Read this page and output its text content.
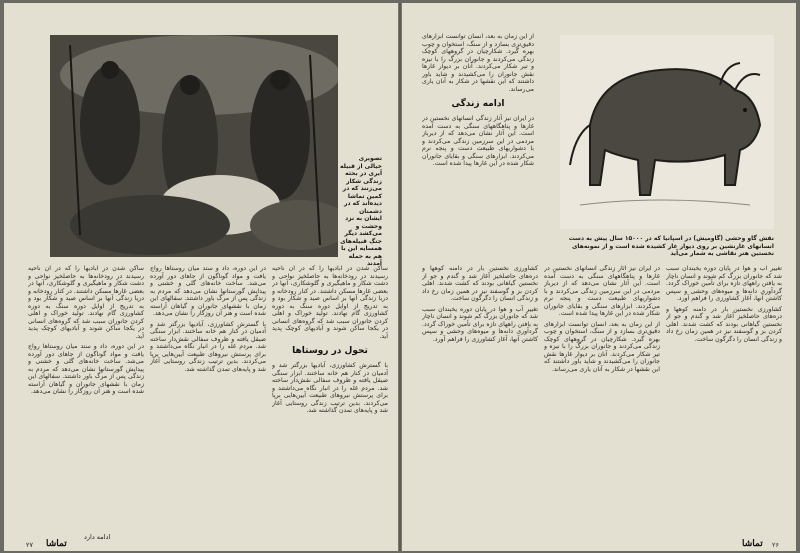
تصویری خیالی از قبیله آیری در بحثه زندگی شکار می‌زنند که در کمین تماشا دیده‌اند که در دشمنان ایشان به نزد وحشت و می‌کشد دیگر جنگ قبیله‌های همسایه این با هم به حمله آمدند

ساکن شدن در آبادیها را که در آن ناحیه رسیدند در رودخانه‌ها به حاصلخیز نواحی و دشت شکار و ماهیگیری و گلوشکاری، آنها در بعضی غارها مسکن داشتند. در کنار رودخانه و دریا زندگی آنها بر اساس صید و شکار بود و به تدریج از اوایل دوره سنگ به دوره کشاورزی گام نهادند. تولید خوراک و اهلی کردن جانوران سبب شد که گروه‌های انسانی در یکجا ساکن شوند و آبادیهای کوچک پدید آید.

تحول در روستاها

با گسترش کشاورزی، آبادیها بزرگتر شد و آدمیان در کنار هم خانه ساختند. ابزار سنگی صیقل یافته و ظروف سفالی نقش‌دار ساخته شد. مردم غله را در انبار نگاه می‌داشتند و برای پرستش نیروهای طبیعت آیین‌هایی برپا می‌کردند. بدین ترتیب زندگی روستایی آغاز شد و پایه‌های تمدن گذاشته شد.

در این دوره، داد و ستد میان روستاها رواج یافت و مواد گوناگون از جاهای دور آورده می‌شد. ساخت خانه‌های گلی و خشتی و پیدایش گورستانها نشان می‌دهد که مردم به زندگی پس از مرگ باور داشتند. سفالهای این زمان با نقشهای جانوران و گیاهان آراسته شده است و هنر آن روزگار را نشان می‌دهد.

با گسترش کشاورزی، آبادیها بزرگتر شد و آدمیان در کنار هم خانه ساختند. ابزار سنگی صیقل یافته و ظروف سفالی نقش‌دار ساخته شد. مردم غله را در انبار نگاه می‌داشتند و برای پرستش نیروهای طبیعت آیین‌هایی برپا می‌کردند. بدین ترتیب زندگی روستایی آغاز شد و پایه‌های تمدن گذاشته شد.

ساکن شدن در آبادیها را که در آن ناحیه رسیدند در رودخانه‌ها به حاصلخیز نواحی و دشت شکار و ماهیگیری و گلوشکاری، آنها در بعضی غارها مسکن داشتند. در کنار رودخانه و دریا زندگی آنها بر اساس صید و شکار بود و به تدریج از اوایل دوره سنگ به دوره کشاورزی گام نهادند. تولید خوراک و اهلی کردن جانوران سبب شد که گروه‌های انسانی در یکجا ساکن شوند و آبادیهای کوچک پدید آید.

در این دوره، داد و ستد میان روستاها رواج یافت و مواد گوناگون از جاهای دور آورده می‌شد. ساخت خانه‌های گلی و خشتی و پیدایش گورستانها نشان می‌دهد که مردم به زندگی پس از مرگ باور داشتند. سفالهای این زمان با نقشهای جانوران و گیاهان آراسته شده است و هنر آن روزگار را نشان می‌دهد.

ادامه دارد
تماشا
۲۷

از این زمان به بعد، انسان توانست ابزارهای دقیق‌تری بسازد و از سنگ، استخوان و چوب بهره گیرد. شکارچیان در گروههای کوچک زندگی می‌کردند و جانوران بزرگ را با نیزه و تیر شکار می‌کردند. آنان بر دیوار غارها نقش جانوران را می‌کشیدند و شاید باور داشتند که این نقشها در شکار به آنان یاری می‌رساند.

ادامه زندگی

در ایران نیز آثار زندگی انسانهای نخستین در غارها و پناهگاههای سنگی به دست آمده است. این آثار نشان می‌دهد که از دیرباز مردمی در این سرزمین زندگی می‌کردند و با دشواریهای طبیعت دست و پنجه نرم می‌کردند. ابزارهای سنگی و بقایای جانوران شکار شده در این غارها پیدا شده است.

نقش گاو وحشی (گاومیش) در اسپانیا که در ۱۵۰۰۰ سال پیش به دست انسانهای غارنشین بر روی دیوار غار کشیده شده است و از نمونه‌های نخستین هنر نقاشی به شمار می‌آید

تغییر آب و هوا در پایان دوره یخبندان سبب شد که جانوران بزرگ کم شوند و انسان ناچار به یافتن راههای تازه برای تأمین خوراک گردد. گردآوری دانه‌ها و میوه‌های وحشی و سپس کاشتن آنها، آغاز کشاورزی را فراهم آورد.

کشاورزی نخستین بار در دامنه کوهها و دره‌های حاصلخیز آغاز شد و گندم و جو از نخستین گیاهانی بودند که کشت شدند. اهلی کردن بز و گوسفند نیز در همین زمان رخ داد و زندگی انسان را دگرگون ساخت.

در ایران نیز آثار زندگی انسانهای نخستین در غارها و پناهگاههای سنگی به دست آمده است. این آثار نشان می‌دهد که از دیرباز مردمی در این سرزمین زندگی می‌کردند و با دشواریهای طبیعت دست و پنجه نرم می‌کردند. ابزارهای سنگی و بقایای جانوران شکار شده در این غارها پیدا شده است.

از این زمان به بعد، انسان توانست ابزارهای دقیق‌تری بسازد و از سنگ، استخوان و چوب بهره گیرد. شکارچیان در گروههای کوچک زندگی می‌کردند و جانوران بزرگ را با نیزه و تیر شکار می‌کردند. آنان بر دیوار غارها نقش جانوران را می‌کشیدند و شاید باور داشتند که این نقشها در شکار به آنان یاری می‌رساند.

کشاورزی نخستین بار در دامنه کوهها و دره‌های حاصلخیز آغاز شد و گندم و جو از نخستین گیاهانی بودند که کشت شدند. اهلی کردن بز و گوسفند نیز در همین زمان رخ داد و زندگی انسان را دگرگون ساخت.

تغییر آب و هوا در پایان دوره یخبندان سبب شد که جانوران بزرگ کم شوند و انسان ناچار به یافتن راههای تازه برای تأمین خوراک گردد. گردآوری دانه‌ها و میوه‌های وحشی و سپس کاشتن آنها، آغاز کشاورزی را فراهم آورد.

تماشا ۲۶
